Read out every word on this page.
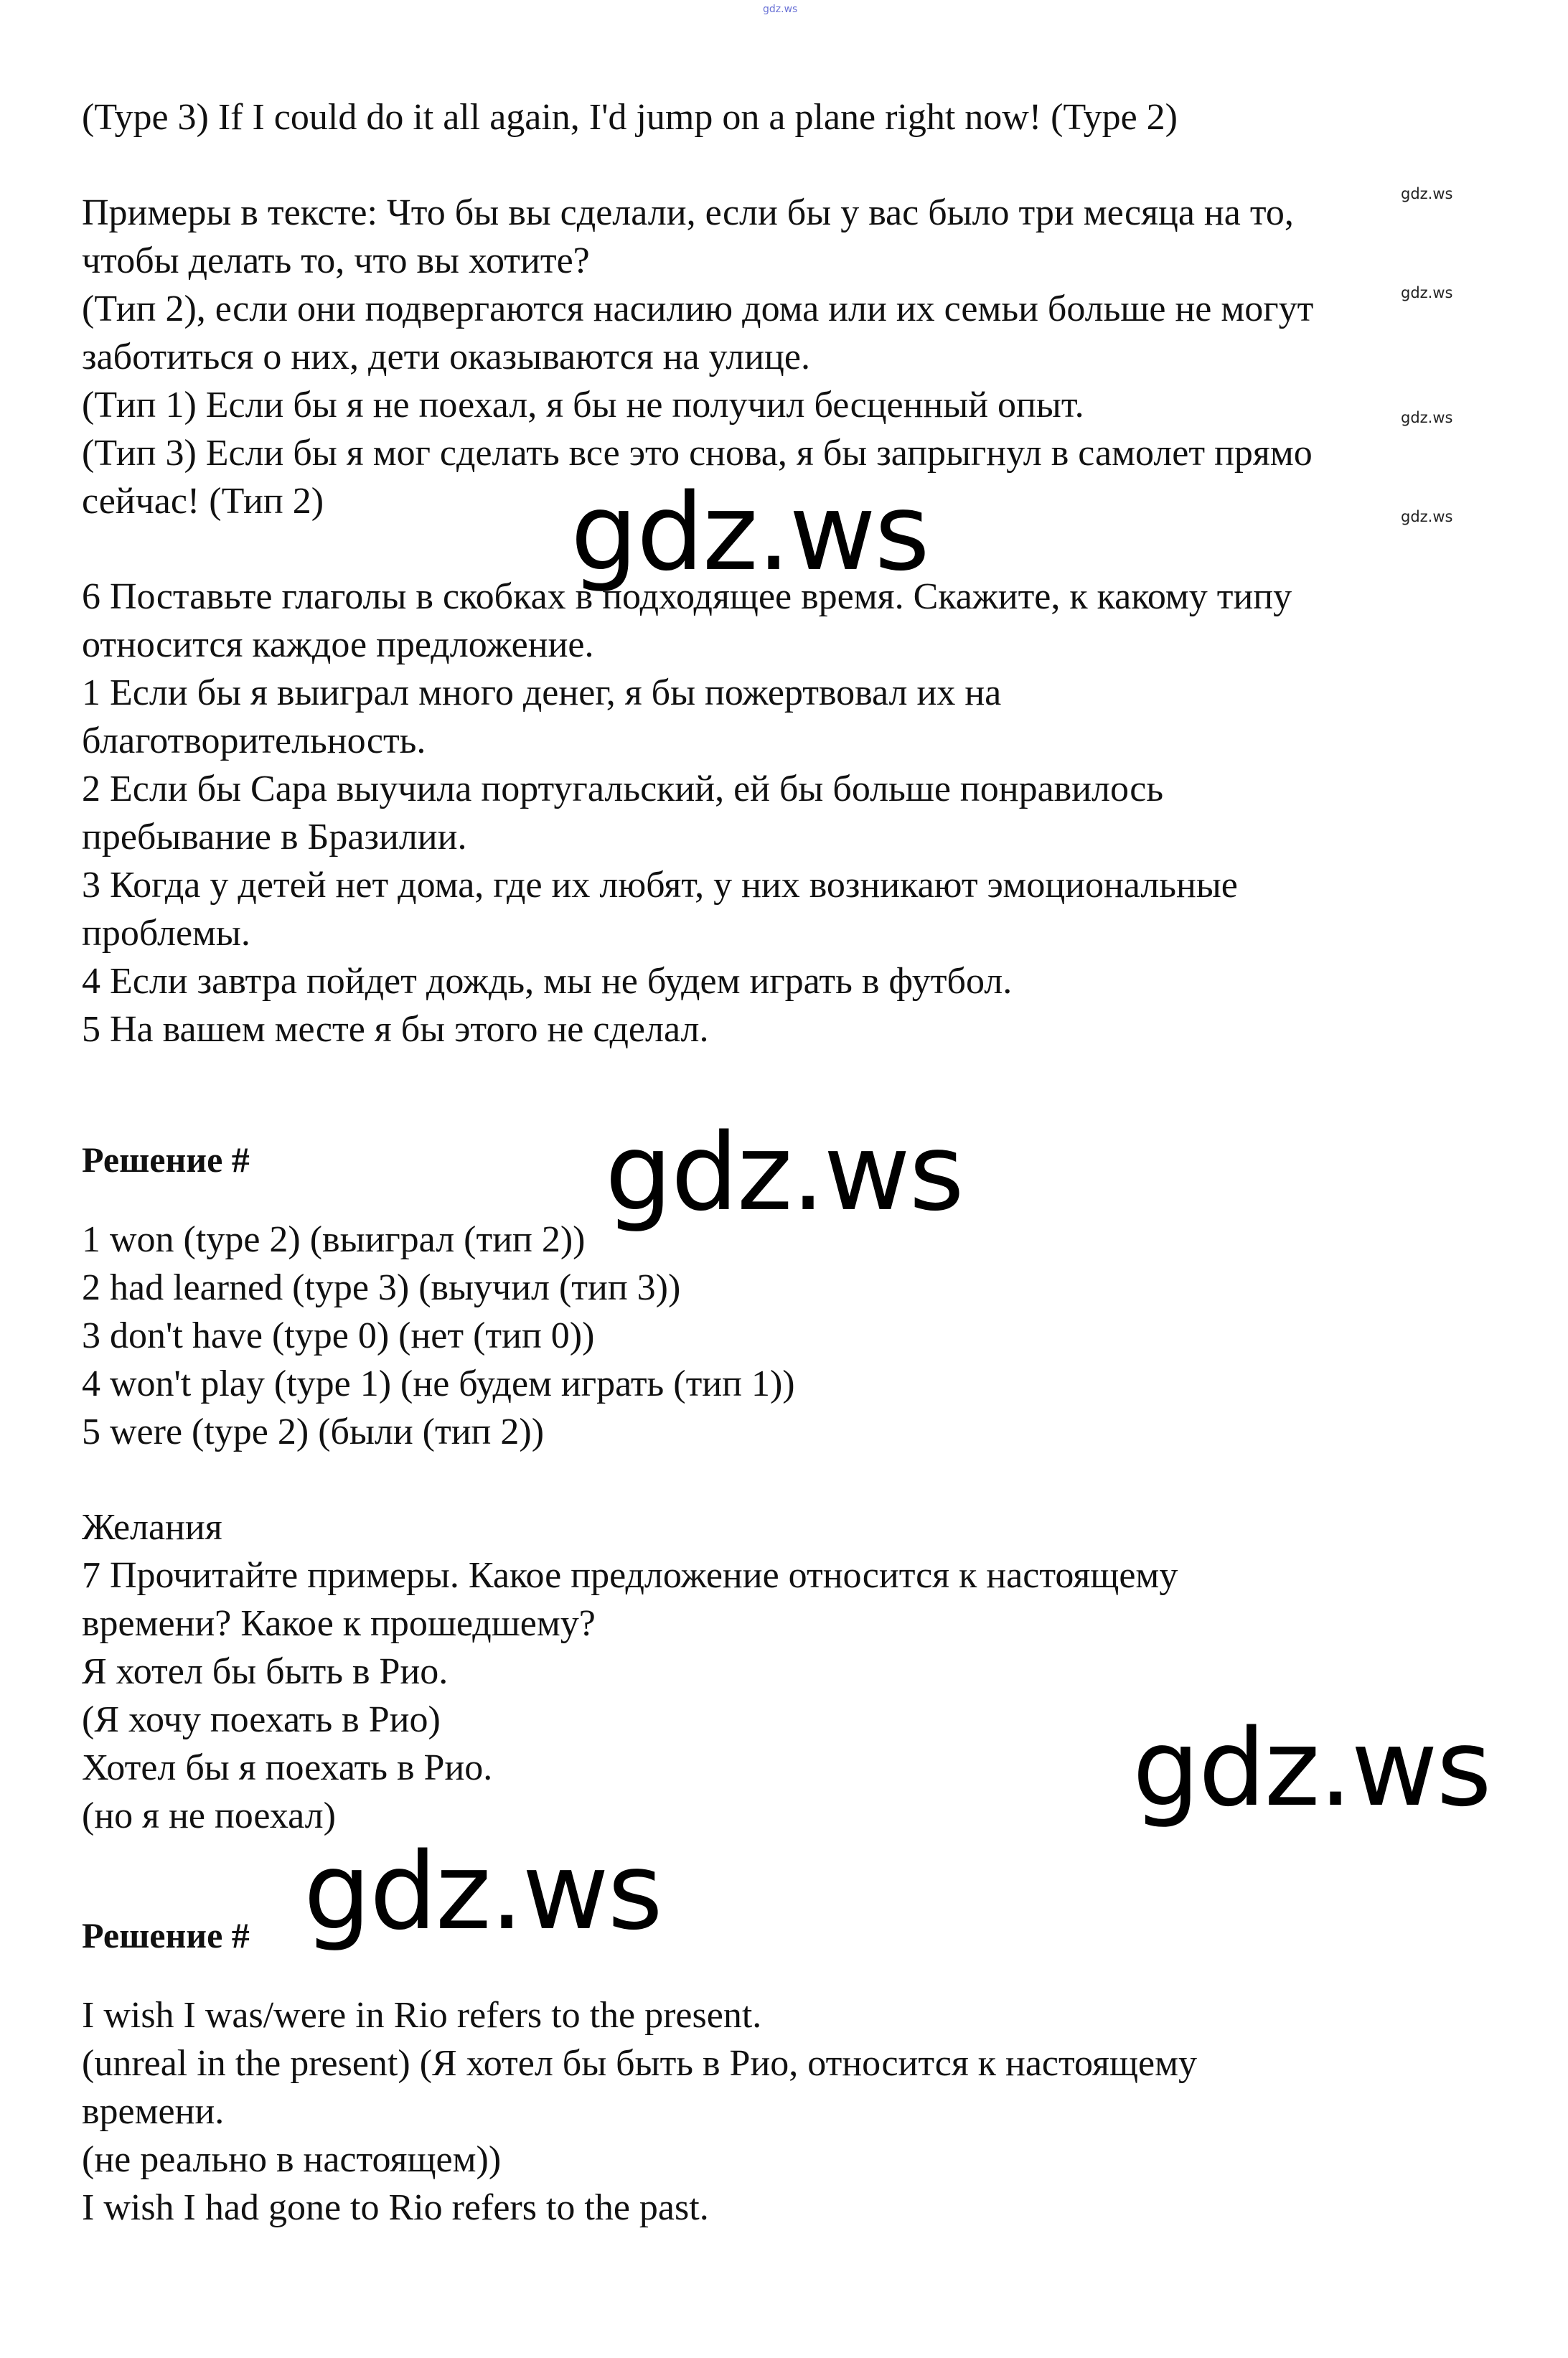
gdz.ws

(Type 3) If I could do it all again, I'd jump on a plane right now! (Type 2)

Примеры в тексте: Что бы вы сделали, если бы у вас было три месяца на то,

чтобы делать то, что вы хотите?

(Тип 2), если они подвергаются насилию дома или их семьи больше не могут

заботиться о них, дети оказываются на улице.

(Тип 1) Если бы я не поехал, я бы не получил бесценный опыт.

(Тип 3) Если бы я мог сделать все это снова, я бы запрыгнул в самолет прямо

сейчас! (Тип 2)

6 Поставьте глаголы в скобках в подходящее время. Скажите, к какому типу

относится каждое предложение.

1 Если бы я выиграл много денег, я бы пожертвовал их на

благотворительность.

2 Если бы Сара выучила португальский, ей бы больше понравилось

пребывание в Бразилии.

3 Когда у детей нет дома, где их любят, у них возникают эмоциональные

проблемы.

4 Если завтра пойдет дождь, мы не будем играть в футбол.

5 На вашем месте я бы этого не сделал.

Решение #

1 won (type 2) (выиграл (тип 2))

2 had learned (type 3) (выучил (тип 3))

3 don't have (type 0) (нет (тип 0))

4 won't play (type 1) (не будем играть (тип 1))

5 were (type 2) (были (тип 2))

Желания

7 Прочитайте примеры. Какое предложение относится к настоящему

времени? Какое к прошедшему?

Я хотел бы быть в Рио.

(Я хочу поехать в Рио)

Хотел бы я поехать в Рио.

(но я не поехал)

Решение #

I wish I was/were in Rio refers to the present.

(unreal in the present) (Я хотел бы быть в Рио, относится к настоящему

времени.

(не реально в настоящем))

I wish I had gone to Rio refers to the past.

gdz.ws
gdz.ws
gdz.ws
gdz.ws
gdz.ws
gdz.ws
gdz.ws
gdz.ws
